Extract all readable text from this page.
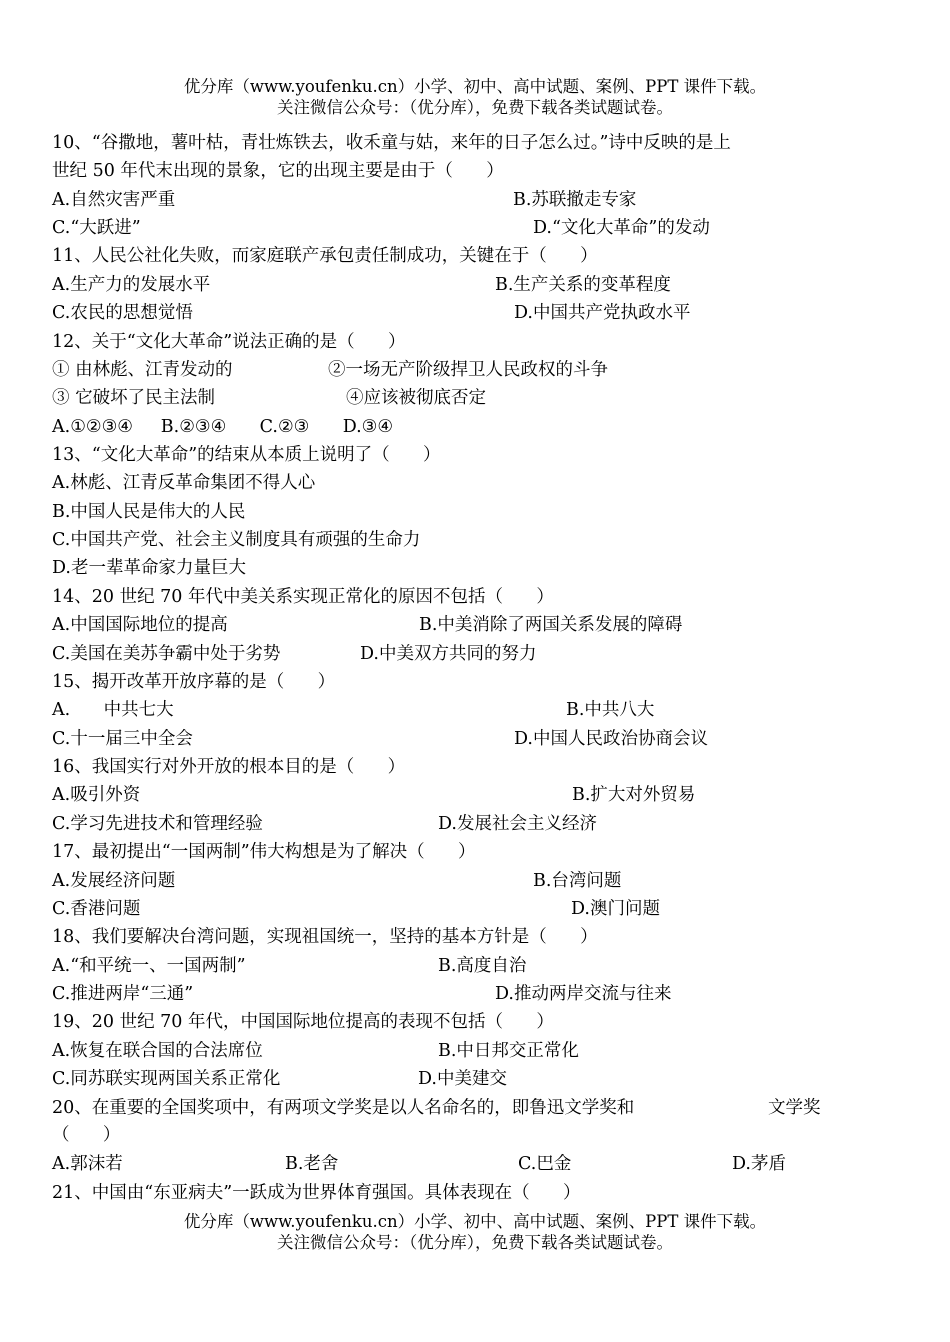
优分库（www.youfenku.cn）小学、初中、高中试题、案例、PPT 课件下载。
关注微信公众号：（优分库），免费下载各类试题试卷。
10、“谷撒地，薯叶枯，青壮炼铁去，收禾童与姑，来年的日子怎么过。”诗中反映的是上
世纪 50 年代末出现的景象，它的出现主要是由于（      ）
A.自然灾害严重	B.苏联撤走专家
C.“大跃进”	D.“文化大革命”的发动
11、人民公社化失败，而家庭联产承包责任制成功，关键在于（      ）
A.生产力的发展水平	B.生产关系的变革程度
C.农民的思想觉悟	D.中国共产党执政水平
12、关于“文化大革命”说法正确的是（      ）
① 由林彪、江青发动的	②一场无产阶级捍卫人民政权的斗争
③ 它破坏了民主法制	④应该被彻底否定
A.①②③④     B.②③④      C.②③      D.③④
13、“文化大革命”的结束从本质上说明了（      ）
A.林彪、江青反革命集团不得人心
B.中国人民是伟大的人民
C.中国共产党、社会主义制度具有顽强的生命力
D.老一辈革命家力量巨大
14、20 世纪 70 年代中美关系实现正常化的原因不包括（      ）
A.中国国际地位的提高	B.中美消除了两国关系发展的障碍
C.美国在美苏争霸中处于劣势	D.中美双方共同的努力
15、揭开改革开放序幕的是（      ）
A.      中共七大	B.中共八大
C.十一届三中全会	D.中国人民政治协商会议
16、我国实行对外开放的根本目的是（      ）
A.吸引外资	B.扩大对外贸易
C.学习先进技术和管理经验	D.发展社会主义经济
17、最初提出“一国两制”伟大构想是为了解决（      ）
A.发展经济问题	B.台湾问题
C.香港问题	D.澳门问题
18、我们要解决台湾问题，实现祖国统一，坚持的基本方针是（      ）
A.“和平统一、一国两制”	B.高度自治
C.推进两岸“三通”	D.推动两岸交流与往来
19、20 世纪 70 年代，中国国际地位提高的表现不包括（      ）
A.恢复在联合国的合法席位	B.中日邦交正常化
C.同苏联实现两国关系正常化	D.中美建交
20、在重要的全国奖项中，有两项文学奖是以人名命名的，即鲁迅文学奖和	文学奖
（      ）
A.郭沫若	B.老舍	C.巴金	D.茅盾
21、中国由“东亚病夫”一跃成为世界体育强国。具体表现在（      ）
优分库（www.youfenku.cn）小学、初中、高中试题、案例、PPT 课件下载。
关注微信公众号：（优分库），免费下载各类试题试卷。
